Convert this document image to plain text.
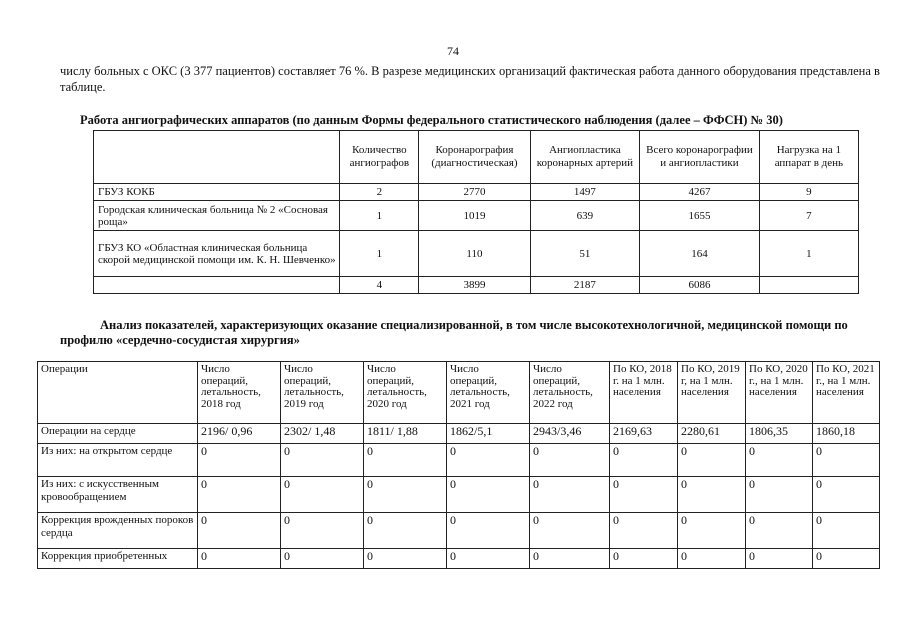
74
числу больных с ОКС (3 377 пациентов) составляет 76 %. В разрезе медицинских организаций фактическая работа данного оборудования представлена в таблице.
Работа ангиографических аппаратов (по данным Формы федерального статистического наблюдения (далее – ФФСН) № 30)
	Количество ангиографов	Коронарография (диагностическая)	Ангиопластика коронарных артерий	Всего коронарографии и ангиопластики	Нагрузка на 1 аппарат в день
ГБУЗ КОКБ	2	2770	1497	4267	9
Городская клиническая больница № 2 «Сосновая роща»	1	1019	639	1655	7
ГБУЗ КО «Областная клиническая больница скорой медицинской помощи им. К. Н. Шевченко»	1	110	51	164	1
	4	3899	2187	6086	
Анализ показателей, характеризующих оказание специализированной, в том числе высокотехнологичной, медицинской помощи по профилю «сердечно-сосудистая хирургия»
Операции	Число операций, летальность, 2018 год	Число операций, летальность, 2019 год	Число операций, летальность, 2020 год	Число операций, летальность, 2021 год	Число операций, летальность, 2022 год	По КО, 2018 г. на 1 млн. населения	По КО, 2019 г, на 1 млн. населения	По КО, 2020 г., на 1 млн. населения	По КО, 2021 г., на 1 млн. населения
Операции на сердце	2196/ 0,96	2302/ 1,48	1811/ 1,88	1862/5,1	2943/3,46	2169,63	2280,61	1806,35	1860,18
Из них: на открытом сердце	0	0	0	0	0	0	0	0	0
Из них: с искусственным кровообращением	0	0	0	0	0	0	0	0	0
Коррекция врожденных пороков сердца	0	0	0	0	0	0	0	0	0
Коррекция приобретенных	0	0	0	0	0	0	0	0	0
